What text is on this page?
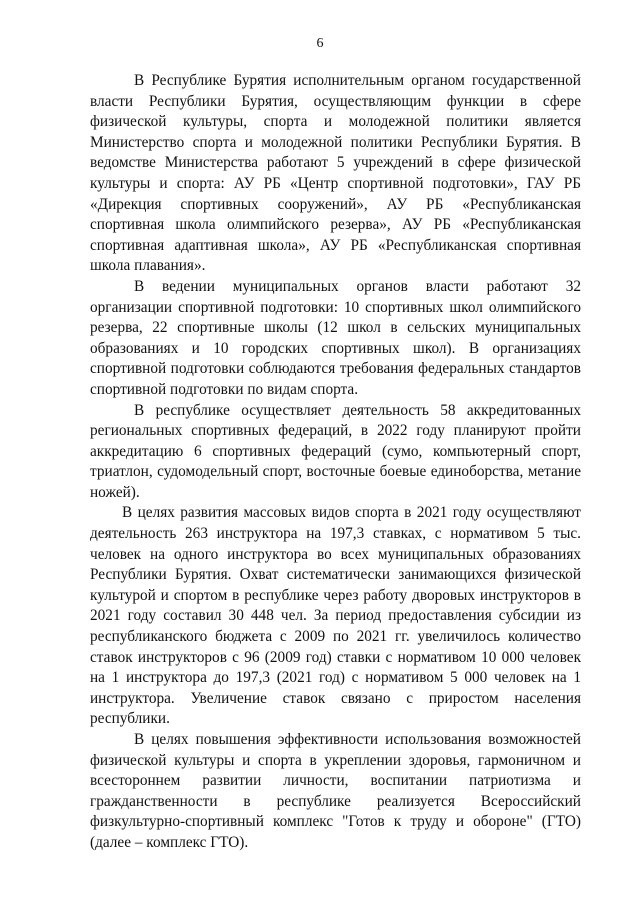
6

В Республике Бурятия исполнительным органом государственной власти Республики Бурятия, осуществляющим функции в сфере физической культуры, спорта и молодежной политики является Министерство спорта и молодежной политики Республики Бурятия. В ведомстве Министерства работают 5 учреждений в сфере физической культуры и спорта: АУ РБ «Центр спортивной подготовки», ГАУ РБ «Дирекция спортивных сооружений», АУ РБ «Республиканская спортивная школа олимпийского резерва», АУ РБ «Республиканская спортивная адаптивная школа», АУ РБ «Республиканская спортивная школа плавания».

В ведении муниципальных органов власти работают 32 организации спортивной подготовки: 10 спортивных школ олимпийского резерва, 22 спортивные школы (12 школ в сельских муниципальных образованиях и 10 городских спортивных школ). В организациях спортивной подготовки соблюдаются требования федеральных стандартов спортивной подготовки по видам спорта.

В республике осуществляет деятельность 58 аккредитованных региональных спортивных федераций, в 2022 году планируют пройти аккредитацию 6 спортивных федераций (сумо, компьютерный спорт, триатлон, судомодельный спорт, восточные боевые единоборства, метание ножей).

В целях развития массовых видов спорта в 2021 году осуществляют деятельность 263 инструктора на 197,3 ставках, с нормативом 5 тыс. человек на одного инструктора во всех муниципальных образованиях Республики Бурятия. Охват систематически занимающихся физической культурой и спортом в республике через работу дворовых инструкторов в 2021 году составил 30 448 чел. За период предоставления субсидии из республиканского бюджета с 2009 по 2021 гг. увеличилось количество ставок инструкторов с 96 (2009 год) ставки с нормативом 10 000 человек на 1 инструктора до 197,3 (2021 год) с нормативом 5 000 человек на 1 инструктора. Увеличение ставок связано с приростом населения республики.

В целях повышения эффективности использования возможностей физической культуры и спорта в укреплении здоровья, гармоничном и всестороннем развитии личности, воспитании патриотизма и гражданственности в республике реализуется Всероссийский физкультурно-спортивный комплекс "Готов к труду и обороне" (ГТО) (далее – комплекс ГТО).
